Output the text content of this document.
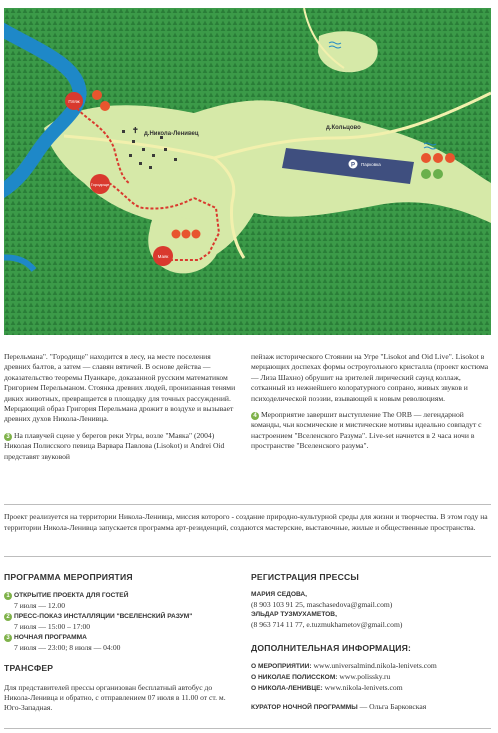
P Парковка
✝ д.Никола-Ленивец
д.Кольцово
Пляж
Городище
Маяк

Перельмана". "Городище" находится в лесу, на месте поселения древних балтов, а затем — славян вятичей. В основе действа — доказательство теоремы Пуанкаре, доказанной русским математиком Григорием Перельманом. Стоянка древних людей, пронизанная тенями диких животных, превращается в площадку для точных рассуждений. Мерцающий образ Григория Перельмана дрожит в воздухе и вызывает древних духов Никола-Ленивца.

3 На плавучей сцене у берегов реки Угры, возле "Маяка" (2004) Николая Полисского певица Варвара Павлова (Lisokot) и Andrei Oid представят звуковой

пейзаж исторического Стоянии на Угре "Lisokot and Oid Live". Lisokot в мерцающих доспехах формы остроугольного кристалла (проект костюма — Лиза Шахно) обрушит на зрителей лирический саунд коллаж, сотканный из нежнейшего колоратурного сопрано, живых звуков и психоделической поэзии, взывающей к новым революциям.

4 Мероприятие завершит выступление The ORB — легендарной команды, чьи космические и мистические мотивы идеально совпадут с настроением "Вселенского Разума". Live-set начнется в 2 часа ночи в пространстве "Вселенского разума".

Проект реализуется на территории Никола-Ленивца, миссия которого - создание природно-культурной среды для жизни и творчества. В этом году на территории Никола-Ленивца запускается программа арт-резиденций, создаются мастерские, выставочные, жилые и общественные пространства.
ПРОГРАММА МЕРОПРИЯТИЯ
1 ОТКРЫТИЕ ПРОЕКТА ДЛЯ ГОСТЕЙ
7 июля — 12.00
2 ПРЕСС-ПОКАЗ ИНСТАЛЛЯЦИИ "ВСЕЛЕНСКИЙ РАЗУМ"
7 июля — 15:00 – 17:00
3 НОЧНАЯ ПРОГРАММА
7 июля — 23:00; 8 июля — 04:00
ТРАНСФЕР
Для представителей прессы организован бесплатный автобус до Никола-Ленивца и обратно, с отправлением 07 июля в 11.00 от ст. м. Юго-Западная.
РЕГИСТРАЦИЯ ПРЕССЫ
МАРИЯ СЕДОВА,
(8 903 103 91 25, maschasedova@gmail.com)
ЭЛЬДАР ТУЗМУХАМЕТОВ,
(8 963 714 11 77, e.tuzmukhametov@gmail.com)
ДОПОЛНИТЕЛЬНАЯ ИНФОРМАЦИЯ:
О МЕРОПРИЯТИИ: www.universalmind.nikola-lenivets.com
О НИКОЛАЕ ПОЛИССКОМ: www.polissky.ru
О НИКОЛА-ЛЕНИВЦЕ: www.nikola-lenivets.com
КУРАТОР НОЧНОЙ ПРОГРАММЫ — Ольга Барковская
